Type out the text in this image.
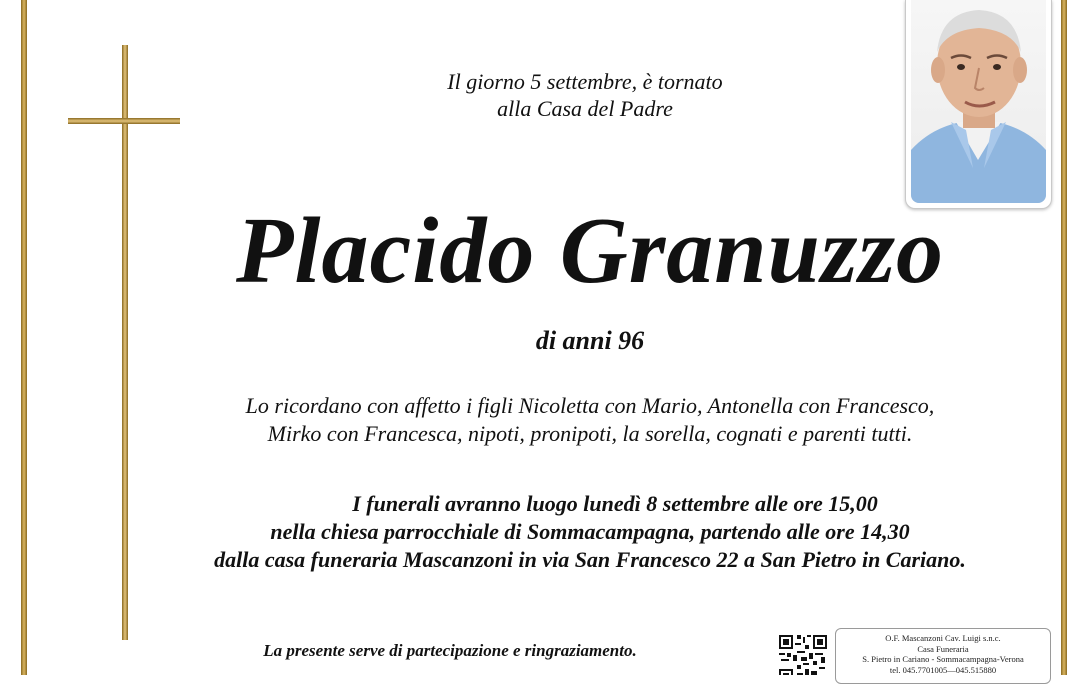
Il giorno 5 settembre, è tornato
alla Casa del Padre
Placido Granuzzo
di anni 96
Lo ricordano con affetto i figli Nicoletta con Mario, Antonella con Francesco,
Mirko con Francesca, nipoti, pronipoti, la sorella, cognati e parenti tutti.
I funerali avranno luogo lunedì 8 settembre alle ore 15,00
nella chiesa parrocchiale di Sommacampagna, partendo alle ore 14,30
dalla casa funeraria Mascanzoni in via San Francesco 22 a San Pietro in Cariano.
La presente serve di partecipazione e ringraziamento.
O.F. Mascanzoni Cav. Luigi s.n.c.
Casa Funeraria
S. Pietro in Cariano - Sommacampagna-Verona
tel. 045.7701005—045.515880
